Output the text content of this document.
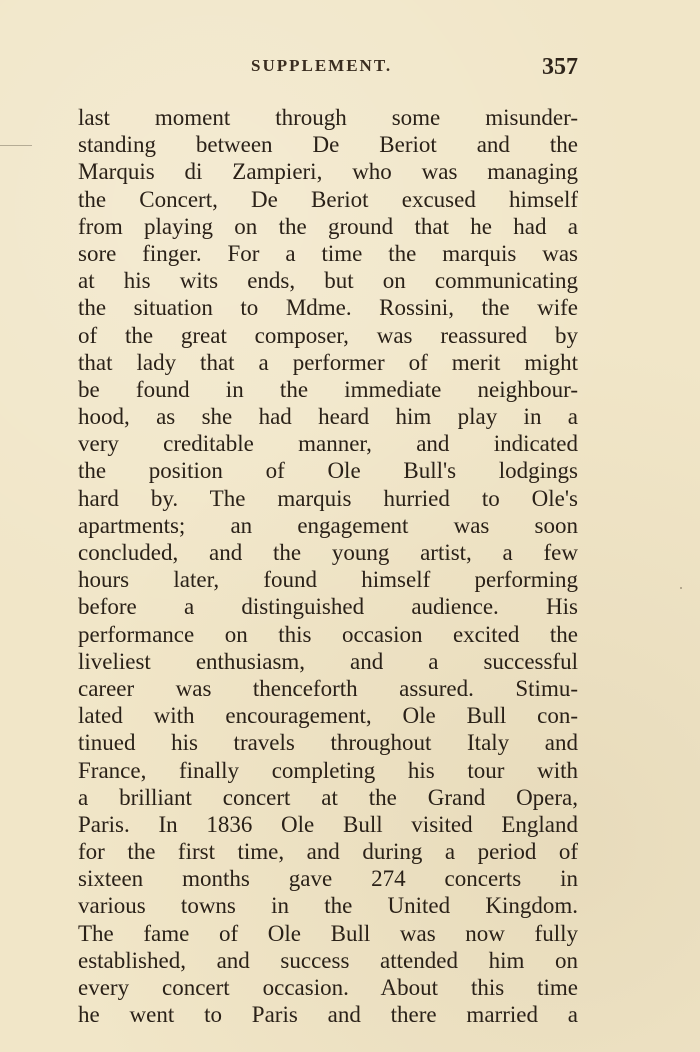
SUPPLEMENT.	357
last moment through some misunder-
standing between De Beriot and the
Marquis di Zampieri, who was managing
the Concert, De Beriot excused himself
from playing on the ground that he had a
sore finger. For a time the marquis was
at his wits ends, but on communicating
the situation to Mdme. Rossini, the wife
of the great composer, was reassured by
that lady that a performer of merit might
be found in the immediate neighbour-
hood, as she had heard him play in a
very creditable manner, and indicated
the position of Ole Bull's lodgings
hard by. The marquis hurried to Ole's
apartments; an engagement was soon
concluded, and the young artist, a few
hours later, found himself performing
before a distinguished audience. His
performance on this occasion excited the
liveliest enthusiasm, and a successful
career was thenceforth assured. Stimu-
lated with encouragement, Ole Bull con-
tinued his travels throughout Italy and
France, finally completing his tour with
a brilliant concert at the Grand Opera,
Paris. In 1836 Ole Bull visited England
for the first time, and during a period of
sixteen months gave 274 concerts in
various towns in the United Kingdom.
The fame of Ole Bull was now fully
established, and success attended him on
every concert occasion. About this time
he went to Paris and there married a
